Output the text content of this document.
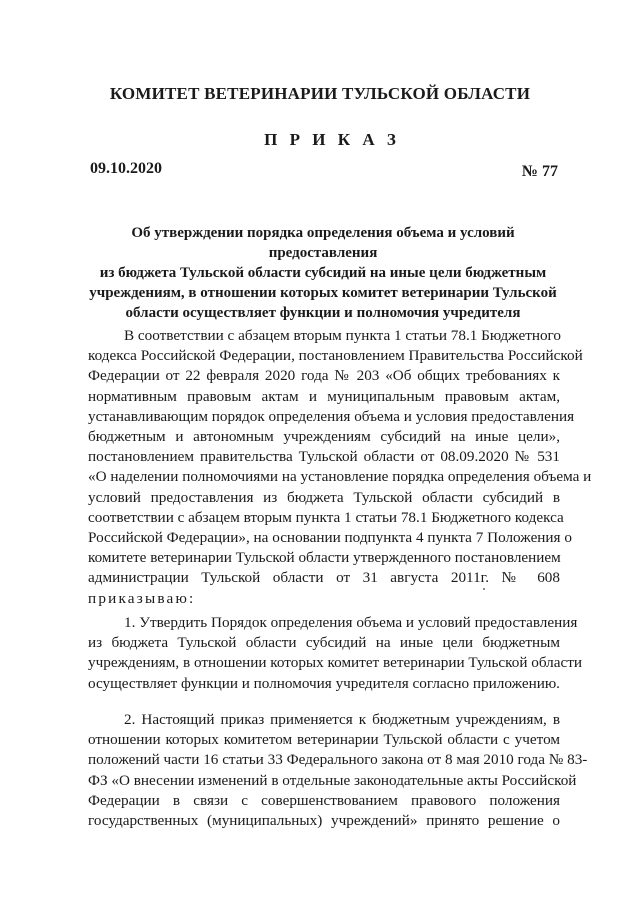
КОМИТЕТ ВЕТЕРИНАРИИ ТУЛЬСКОЙ ОБЛАСТИ
П Р И К А З
09.10.2020	№ 77
Об утверждении порядка определения объема и условий предоставления
из бюджета Тульской области субсидий на иные цели бюджетным
учреждениям, в отношении которых комитет ветеринарии Тульской
области осуществляет функции и полномочия учредителя
В соответствии с абзацем вторым пункта 1 статьи 78.1 Бюджетного
кодекса Российской Федерации, постановлением Правительства Российской
Федерации от 22 февраля 2020 года № 203 «Об общих требованиях к
нормативным правовым актам и муниципальным правовым актам,
устанавливающим порядок определения объема и условия предоставления
бюджетным и автономным учреждениям субсидий на иные цели»,
постановлением правительства Тульской области от 08.09.2020 № 531
«О наделении полномочиями на установление порядка определения объема и
условий предоставления из бюджета Тульской области субсидий в
соответствии с абзацем вторым пункта 1 статьи 78.1 Бюджетного кодекса
Российской Федерации», на основании подпункта 4 пункта 7 Положения о
комитете ветеринарии Тульской области утвержденного постановлением
администрации Тульской области от 31 августа 2011г. № 608
приказываю:
1. Утвердить Порядок определения объема и условий предоставления
из бюджета Тульской области субсидий на иные цели бюджетным
учреждениям, в отношении которых комитет ветеринарии Тульской области
осуществляет функции и полномочия учредителя согласно приложению.
2. Настоящий приказ применяется к бюджетным учреждениям, в
отношении которых комитетом ветеринарии Тульской области с учетом
положений части 16 статьи 33 Федерального закона от 8 мая 2010 года № 83-
ФЗ «О внесении изменений в отдельные законодательные акты Российской
Федерации в связи с совершенствованием правового положения
государственных (муниципальных) учреждений» принято решение о
